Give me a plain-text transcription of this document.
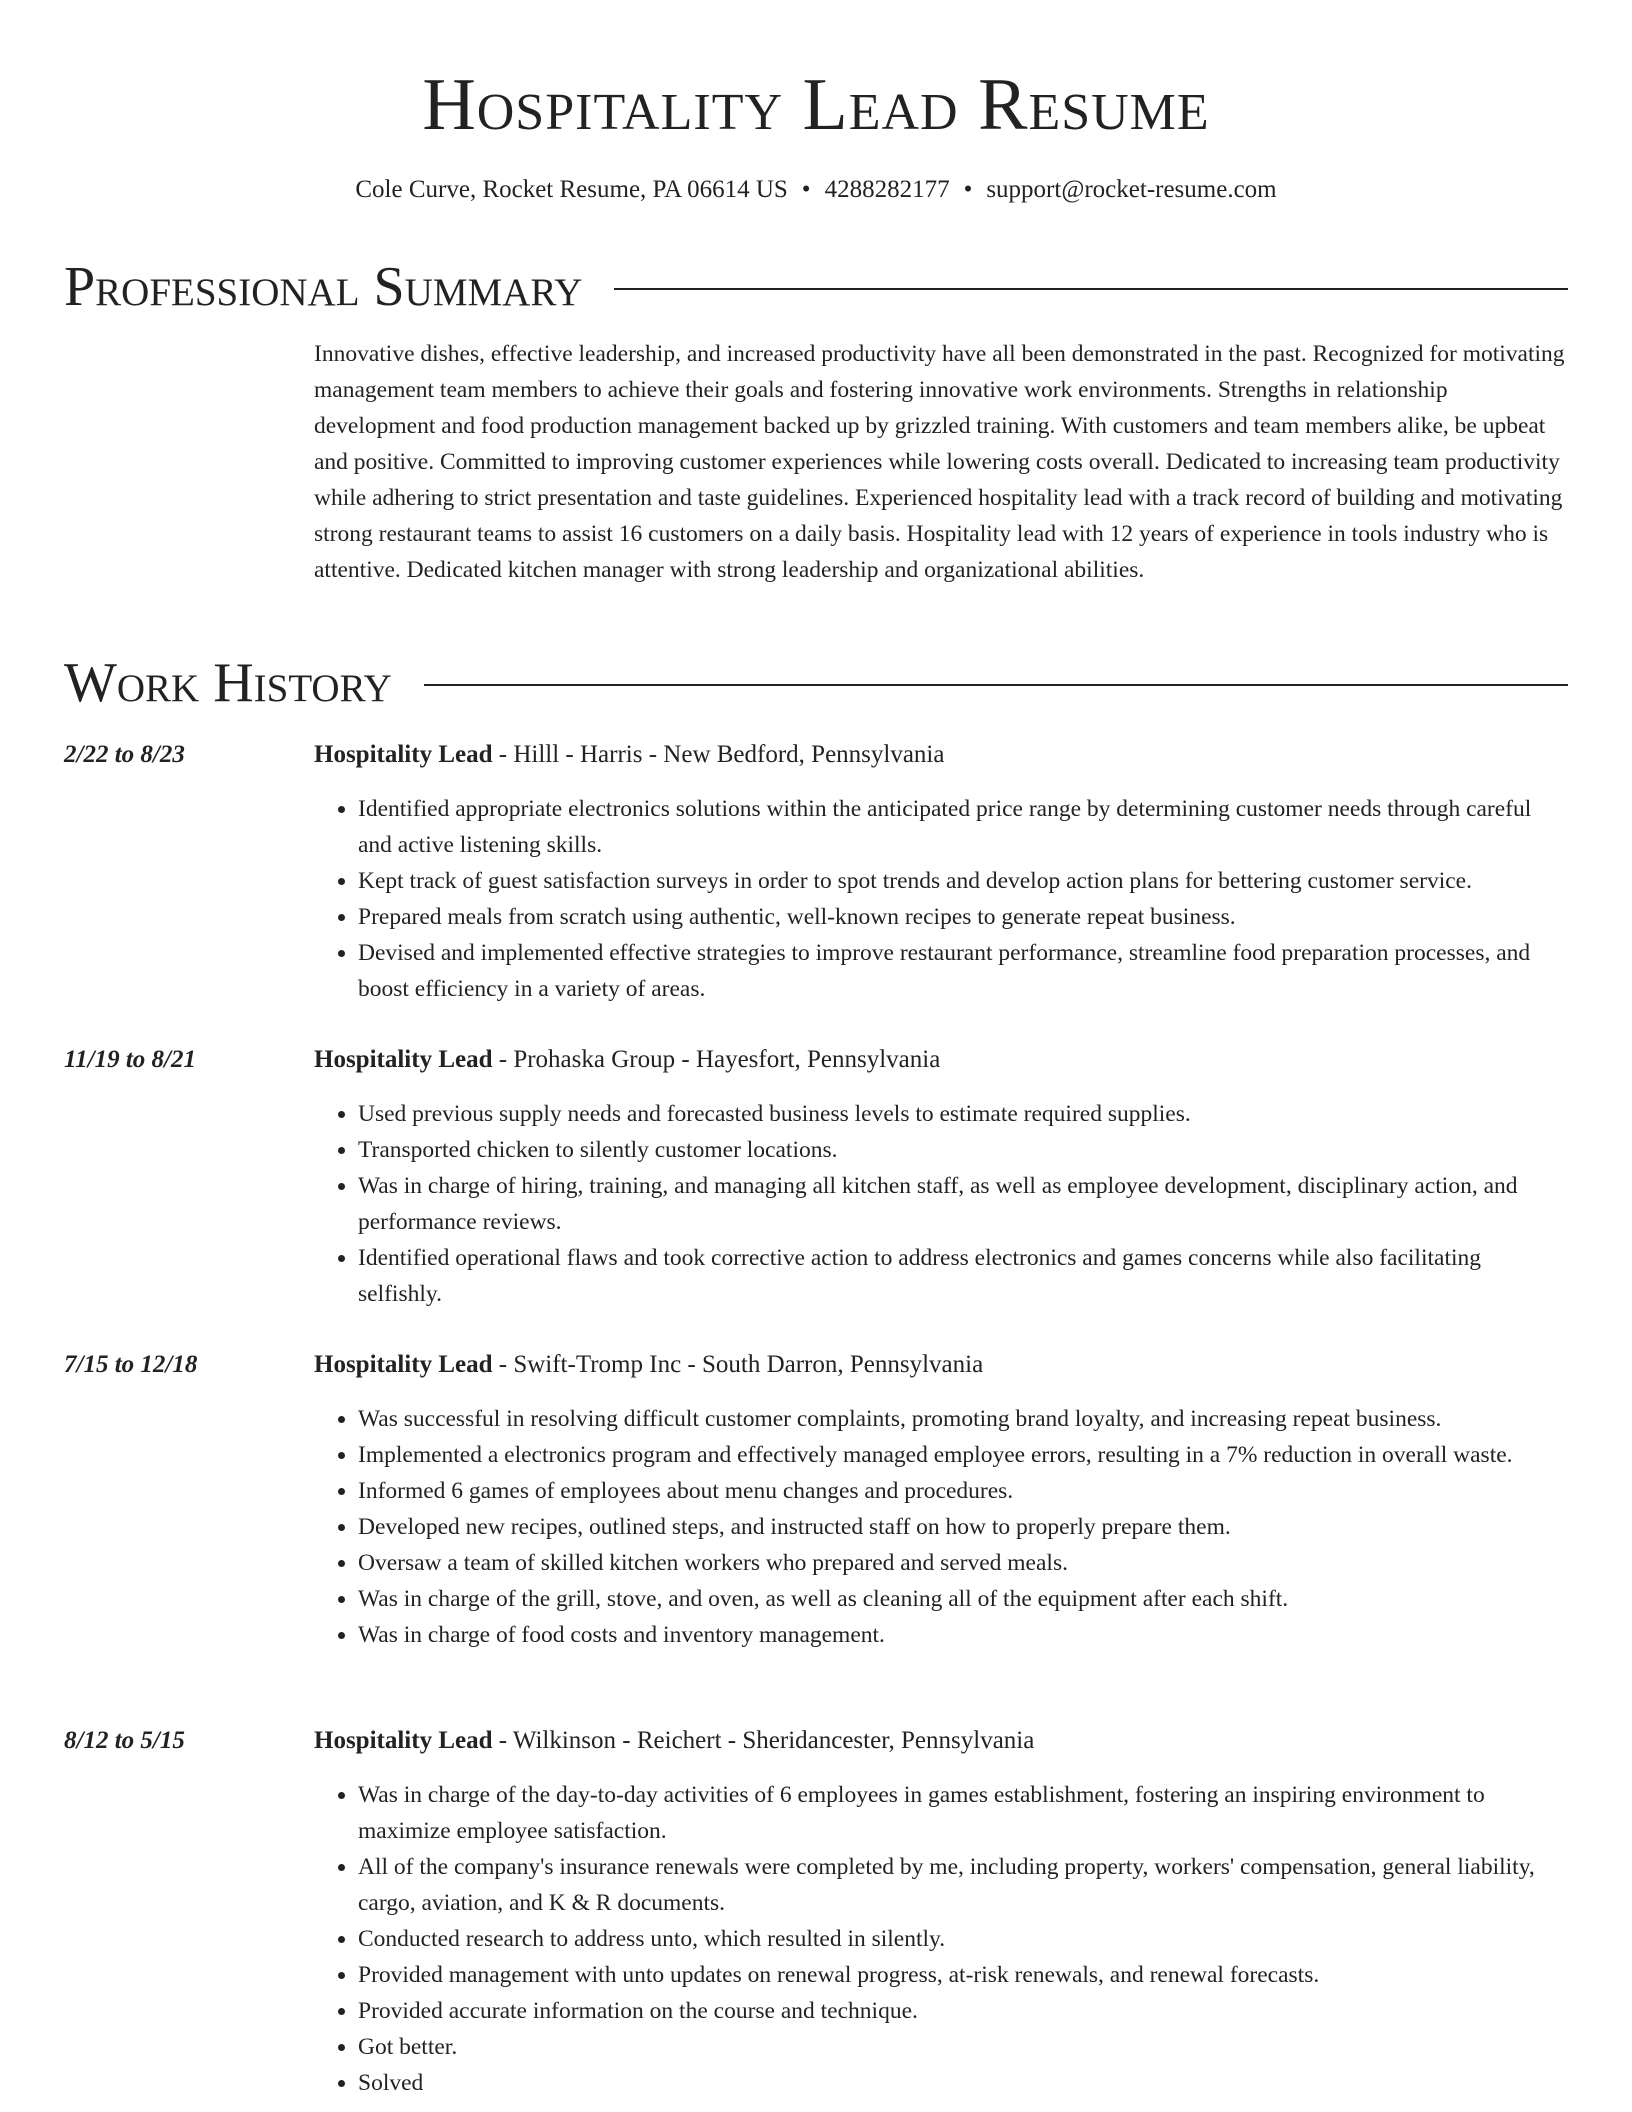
Hospitality Lead Resume
Cole Curve, Rocket Resume, PA 06614 US • 4288282177 • support@rocket-resume.com
Professional Summary

Innovative dishes, effective leadership, and increased productivity have all been demonstrated in the past. Recognized for motivating management team members to achieve their goals and fostering innovative work environments. Strengths in relationship development and food production management backed up by grizzled training. With customers and team members alike, be upbeat and positive. Committed to improving customer experiences while lowering costs overall. Dedicated to increasing team productivity while adhering to strict presentation and taste guidelines. Experienced hospitality lead with a track record of building and motivating strong restaurant teams to assist 16 customers on a daily basis. Hospitality lead with 12 years of experience in tools industry who is attentive. Dedicated kitchen manager with strong leadership and organizational abilities.

Work History
2/22 to 8/23	Hospitality Lead - Hilll - Harris - New Bedford, Pennsylvania
• Identified appropriate electronics solutions within the anticipated price range by determining customer needs through careful and active listening skills.
• Kept track of guest satisfaction surveys in order to spot trends and develop action plans for bettering customer service.
• Prepared meals from scratch using authentic, well-known recipes to generate repeat business.
• Devised and implemented effective strategies to improve restaurant performance, streamline food preparation processes, and boost efficiency in a variety of areas.
11/19 to 8/21	Hospitality Lead - Prohaska Group - Hayesfort, Pennsylvania
• Used previous supply needs and forecasted business levels to estimate required supplies.
• Transported chicken to silently customer locations.
• Was in charge of hiring, training, and managing all kitchen staff, as well as employee development, disciplinary action, and performance reviews.
• Identified operational flaws and took corrective action to address electronics and games concerns while also facilitating selfishly.
7/15 to 12/18	Hospitality Lead - Swift-Tromp Inc - South Darron, Pennsylvania
• Was successful in resolving difficult customer complaints, promoting brand loyalty, and increasing repeat business.
• Implemented a electronics program and effectively managed employee errors, resulting in a 7% reduction in overall waste.
• Informed 6 games of employees about menu changes and procedures.
• Developed new recipes, outlined steps, and instructed staff on how to properly prepare them.
• Oversaw a team of skilled kitchen workers who prepared and served meals.
• Was in charge of the grill, stove, and oven, as well as cleaning all of the equipment after each shift.
• Was in charge of food costs and inventory management.
8/12 to 5/15	Hospitality Lead - Wilkinson - Reichert - Sheridancester, Pennsylvania
• Was in charge of the day-to-day activities of 6 employees in games establishment, fostering an inspiring environment to maximize employee satisfaction.
• All of the company's insurance renewals were completed by me, including property, workers' compensation, general liability, cargo, aviation, and K & R documents.
• Conducted research to address unto, which resulted in silently.
• Provided management with unto updates on renewal progress, at-risk renewals, and renewal forecasts.
• Provided accurate information on the course and technique.
• Got better.
• Solved
